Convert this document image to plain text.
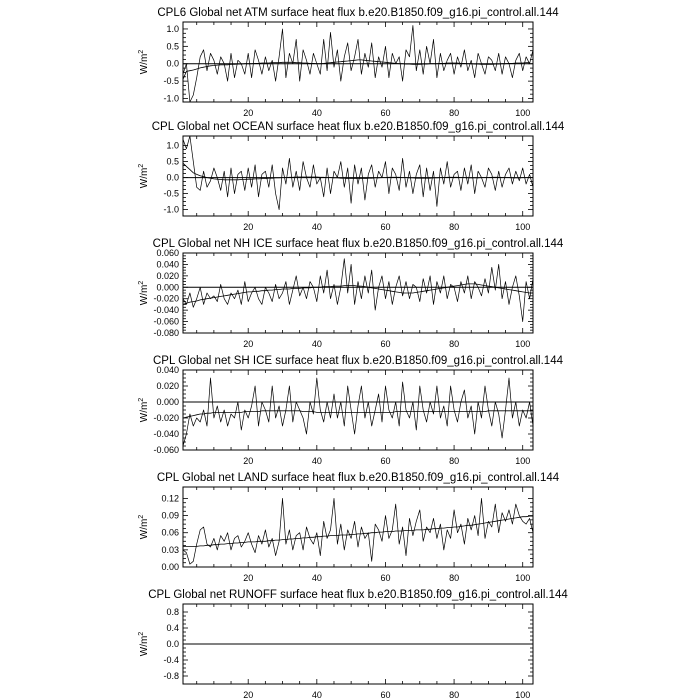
CPL6 Global net ATM surface heat flux b.e20.B1850.f09_g16.pi_control.all.144
20	40	60	80	100
-1.0
-0.5
0.0
0.5
1.0
$W/m^2$
CPL Global net OCEAN surface heat flux b.e20.B1850.f09_g16.pi_control.all.144
20	40	60	80	100
-1.0
-0.5
0.0
0.5
1.0
$W/m^2$
CPL Global net NH ICE surface heat flux b.e20.B1850.f09_g16.pi_control.all.144
20	40	60	80	100
-0.080
-0.060
-0.040
-0.020
0.000
0.020
0.040
0.060
$W/m^2$
CPL Global net SH ICE surface heat flux b.e20.B1850.f09_g16.pi_control.all.144
20	40	60	80	100
-0.060
-0.040
-0.020
0.000
0.020
0.040
$W/m^2$
CPL Global net LAND surface heat flux b.e20.B1850.f09_g16.pi_control.all.144
20	40	60	80	100
0.00
0.03
0.06
0.09
0.12
$W/m^2$
CPL Global net RUNOFF surface heat flux b.e20.B1850.f09_g16.pi_control.all.144
20	40	60	80	100
-0.8
-0.4
0.0
0.4
0.8
$W/m^2$
